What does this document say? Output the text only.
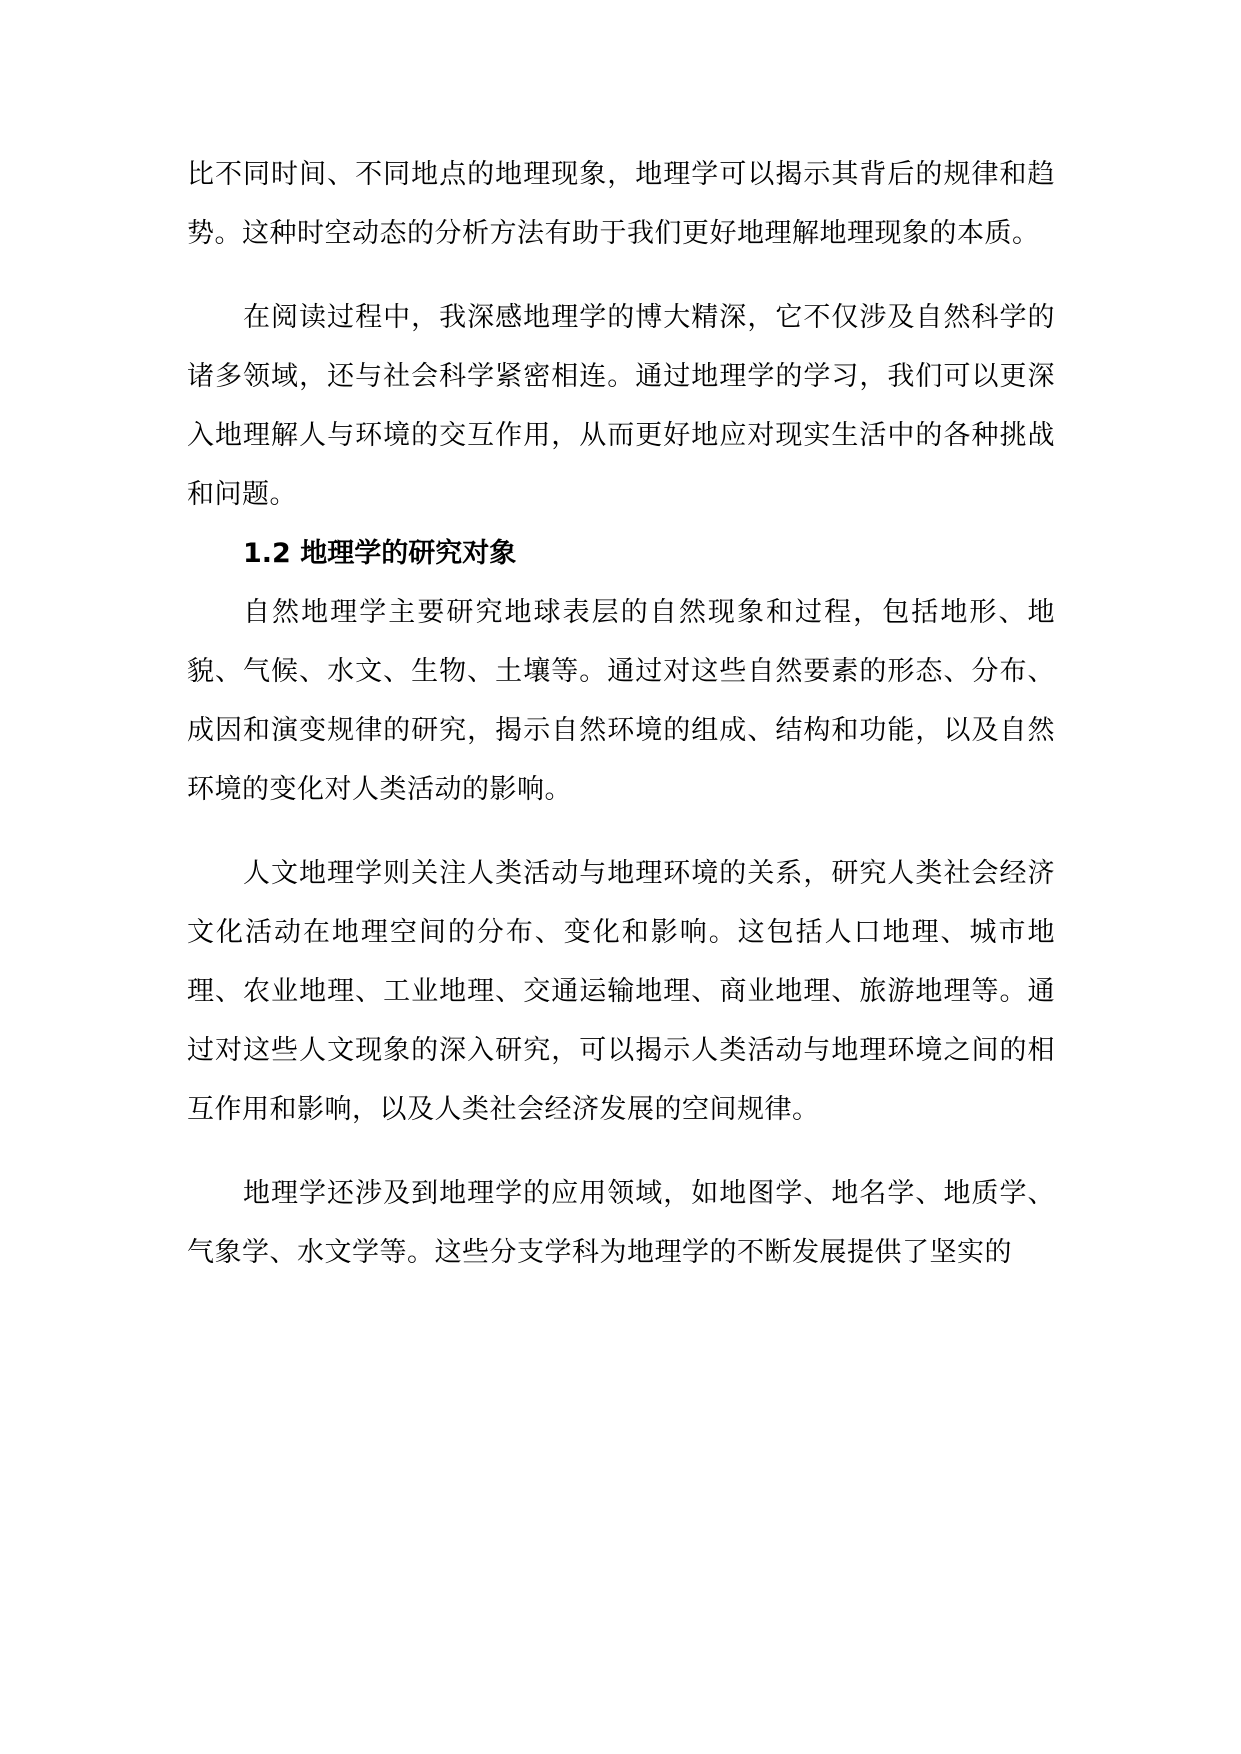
比不同时间、不同地点的地理现象，地理学可以揭示其背后的规律和趋势。这种时空动态的分析方法有助于我们更好地理解地理现象的本质。

在阅读过程中，我深感地理学的博大精深，它不仅涉及自然科学的诸多领域，还与社会科学紧密相连。通过地理学的学习，我们可以更深入地理解人与环境的交互作用，从而更好地应对现实生活中的各种挑战和问题。

1.2 地理学的研究对象

自然地理学主要研究地球表层的自然现象和过程，包括地形、地貌、气候、水文、生物、土壤等。通过对这些自然要素的形态、分布、成因和演变规律的研究，揭示自然环境的组成、结构和功能，以及自然环境的变化对人类活动的影响。

人文地理学则关注人类活动与地理环境的关系，研究人类社会经济文化活动在地理空间的分布、变化和影响。这包括人口地理、城市地理、农业地理、工业地理、交通运输地理、商业地理、旅游地理等。通过对这些人文现象的深入研究，可以揭示人类活动与地理环境之间的相互作用和影响，以及人类社会经济发展的空间规律。

地理学还涉及到地理学的应用领域，如地图学、地名学、地质学、气象学、水文学等。这些分支学科为地理学的不断发展提供了坚实的
